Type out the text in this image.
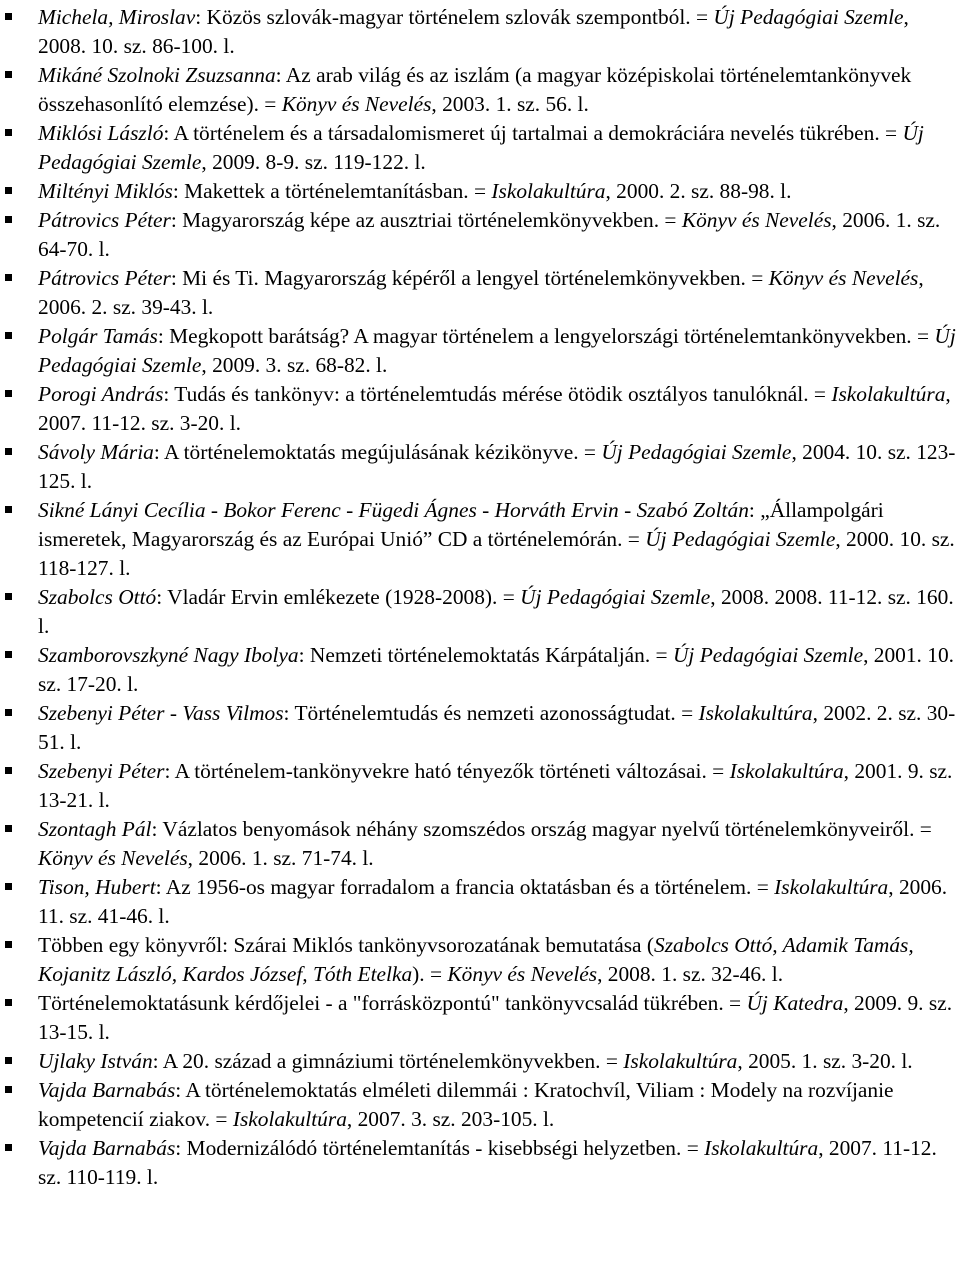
Michela, Miroslav: Közös szlovák-magyar történelem szlovák szempontból. = Új Pedagógiai Szemle, 2008. 10. sz. 86-100. l.
Mikáné Szolnoki Zsuzsanna: Az arab világ és az iszlám (a magyar középiskolai történelemtankönyvek összehasonlító elemzése). = Könyv és Nevelés, 2003. 1. sz. 56. l.
Miklósi László: A történelem és a társadalomismeret új tartalmai a demokráciára nevelés tükrében. = Új Pedagógiai Szemle, 2009. 8-9. sz. 119-122. l.
Miltényi Miklós: Makettek a történelemtanításban. = Iskolakultúra, 2000. 2. sz. 88-98. l.
Pátrovics Péter: Magyarország képe az ausztriai történelemkönyvekben. = Könyv és Nevelés, 2006. 1. sz. 64-70. l.
Pátrovics Péter: Mi és Ti. Magyarország képéről a lengyel történelemkönyvekben. = Könyv és Nevelés, 2006. 2. sz. 39-43. l.
Polgár Tamás: Megkopott barátság? A magyar történelem a lengyelországi történelemtankönyvekben. = Új Pedagógiai Szemle, 2009. 3. sz. 68-82. l.
Porogi András: Tudás és tankönyv: a történelemtudás mérése ötödik osztályos tanulóknál. = Iskolakultúra, 2007. 11-12. sz. 3-20. l.
Sávoly Mária: A történelemoktatás megújulásának kézikönyve. = Új Pedagógiai Szemle, 2004. 10. sz. 123-125. l.
Sikné Lányi Cecília - Bokor Ferenc - Fügedi Ágnes - Horváth Ervin - Szabó Zoltán: „Állampolgári ismeretek, Magyarország és az Európai Unió” CD a történelemórán. = Új Pedagógiai Szemle, 2000. 10. sz. 118-127. l.
Szabolcs Ottó: Vladár Ervin emlékezete (1928-2008). = Új Pedagógiai Szemle, 2008. 2008. 11-12. sz. 160. l.
Szamborovszkyné Nagy Ibolya: Nemzeti történelemoktatás Kárpátalján. = Új Pedagógiai Szemle, 2001. 10. sz. 17-20. l.
Szebenyi Péter - Vass Vilmos: Történelemtudás és nemzeti azonosságtudat. = Iskolakultúra, 2002. 2. sz. 30-51. l.
Szebenyi Péter: A történelem-tankönyvekre ható tényezők történeti változásai. = Iskolakultúra, 2001. 9. sz. 13-21. l.
Szontagh Pál: Vázlatos benyomások néhány szomszédos ország magyar nyelvű történelemkönyveiről. = Könyv és Nevelés, 2006. 1. sz. 71-74. l.
Tison, Hubert: Az 1956-os magyar forradalom a francia oktatásban és a történelem. = Iskolakultúra, 2006. 11. sz. 41-46. l.
Többen egy könyvről: Szárai Miklós tankönyvsorozatának bemutatása (Szabolcs Ottó, Adamik Tamás, Kojanitz László, Kardos József, Tóth Etelka). = Könyv és Nevelés, 2008. 1. sz. 32-46. l.
Történelemoktatásunk kérdőjelei - a "forrásközpontú" tankönyvcsalád tükrében. = Új Katedra, 2009. 9. sz. 13-15. l.
Ujlaky István: A 20. század a gimnáziumi történelemkönyvekben. = Iskolakultúra, 2005. 1. sz. 3-20. l.
Vajda Barnabás: A történelemoktatás elméleti dilemmái : Kratochvíl, Viliam : Modely na rozvíjanie kompetencií ziakov. = Iskolakultúra, 2007. 3. sz. 203-105. l.
Vajda Barnabás: Modernizálódó történelemtanítás - kisebbségi helyzetben. = Iskolakultúra, 2007. 11-12. sz. 110-119. l.
